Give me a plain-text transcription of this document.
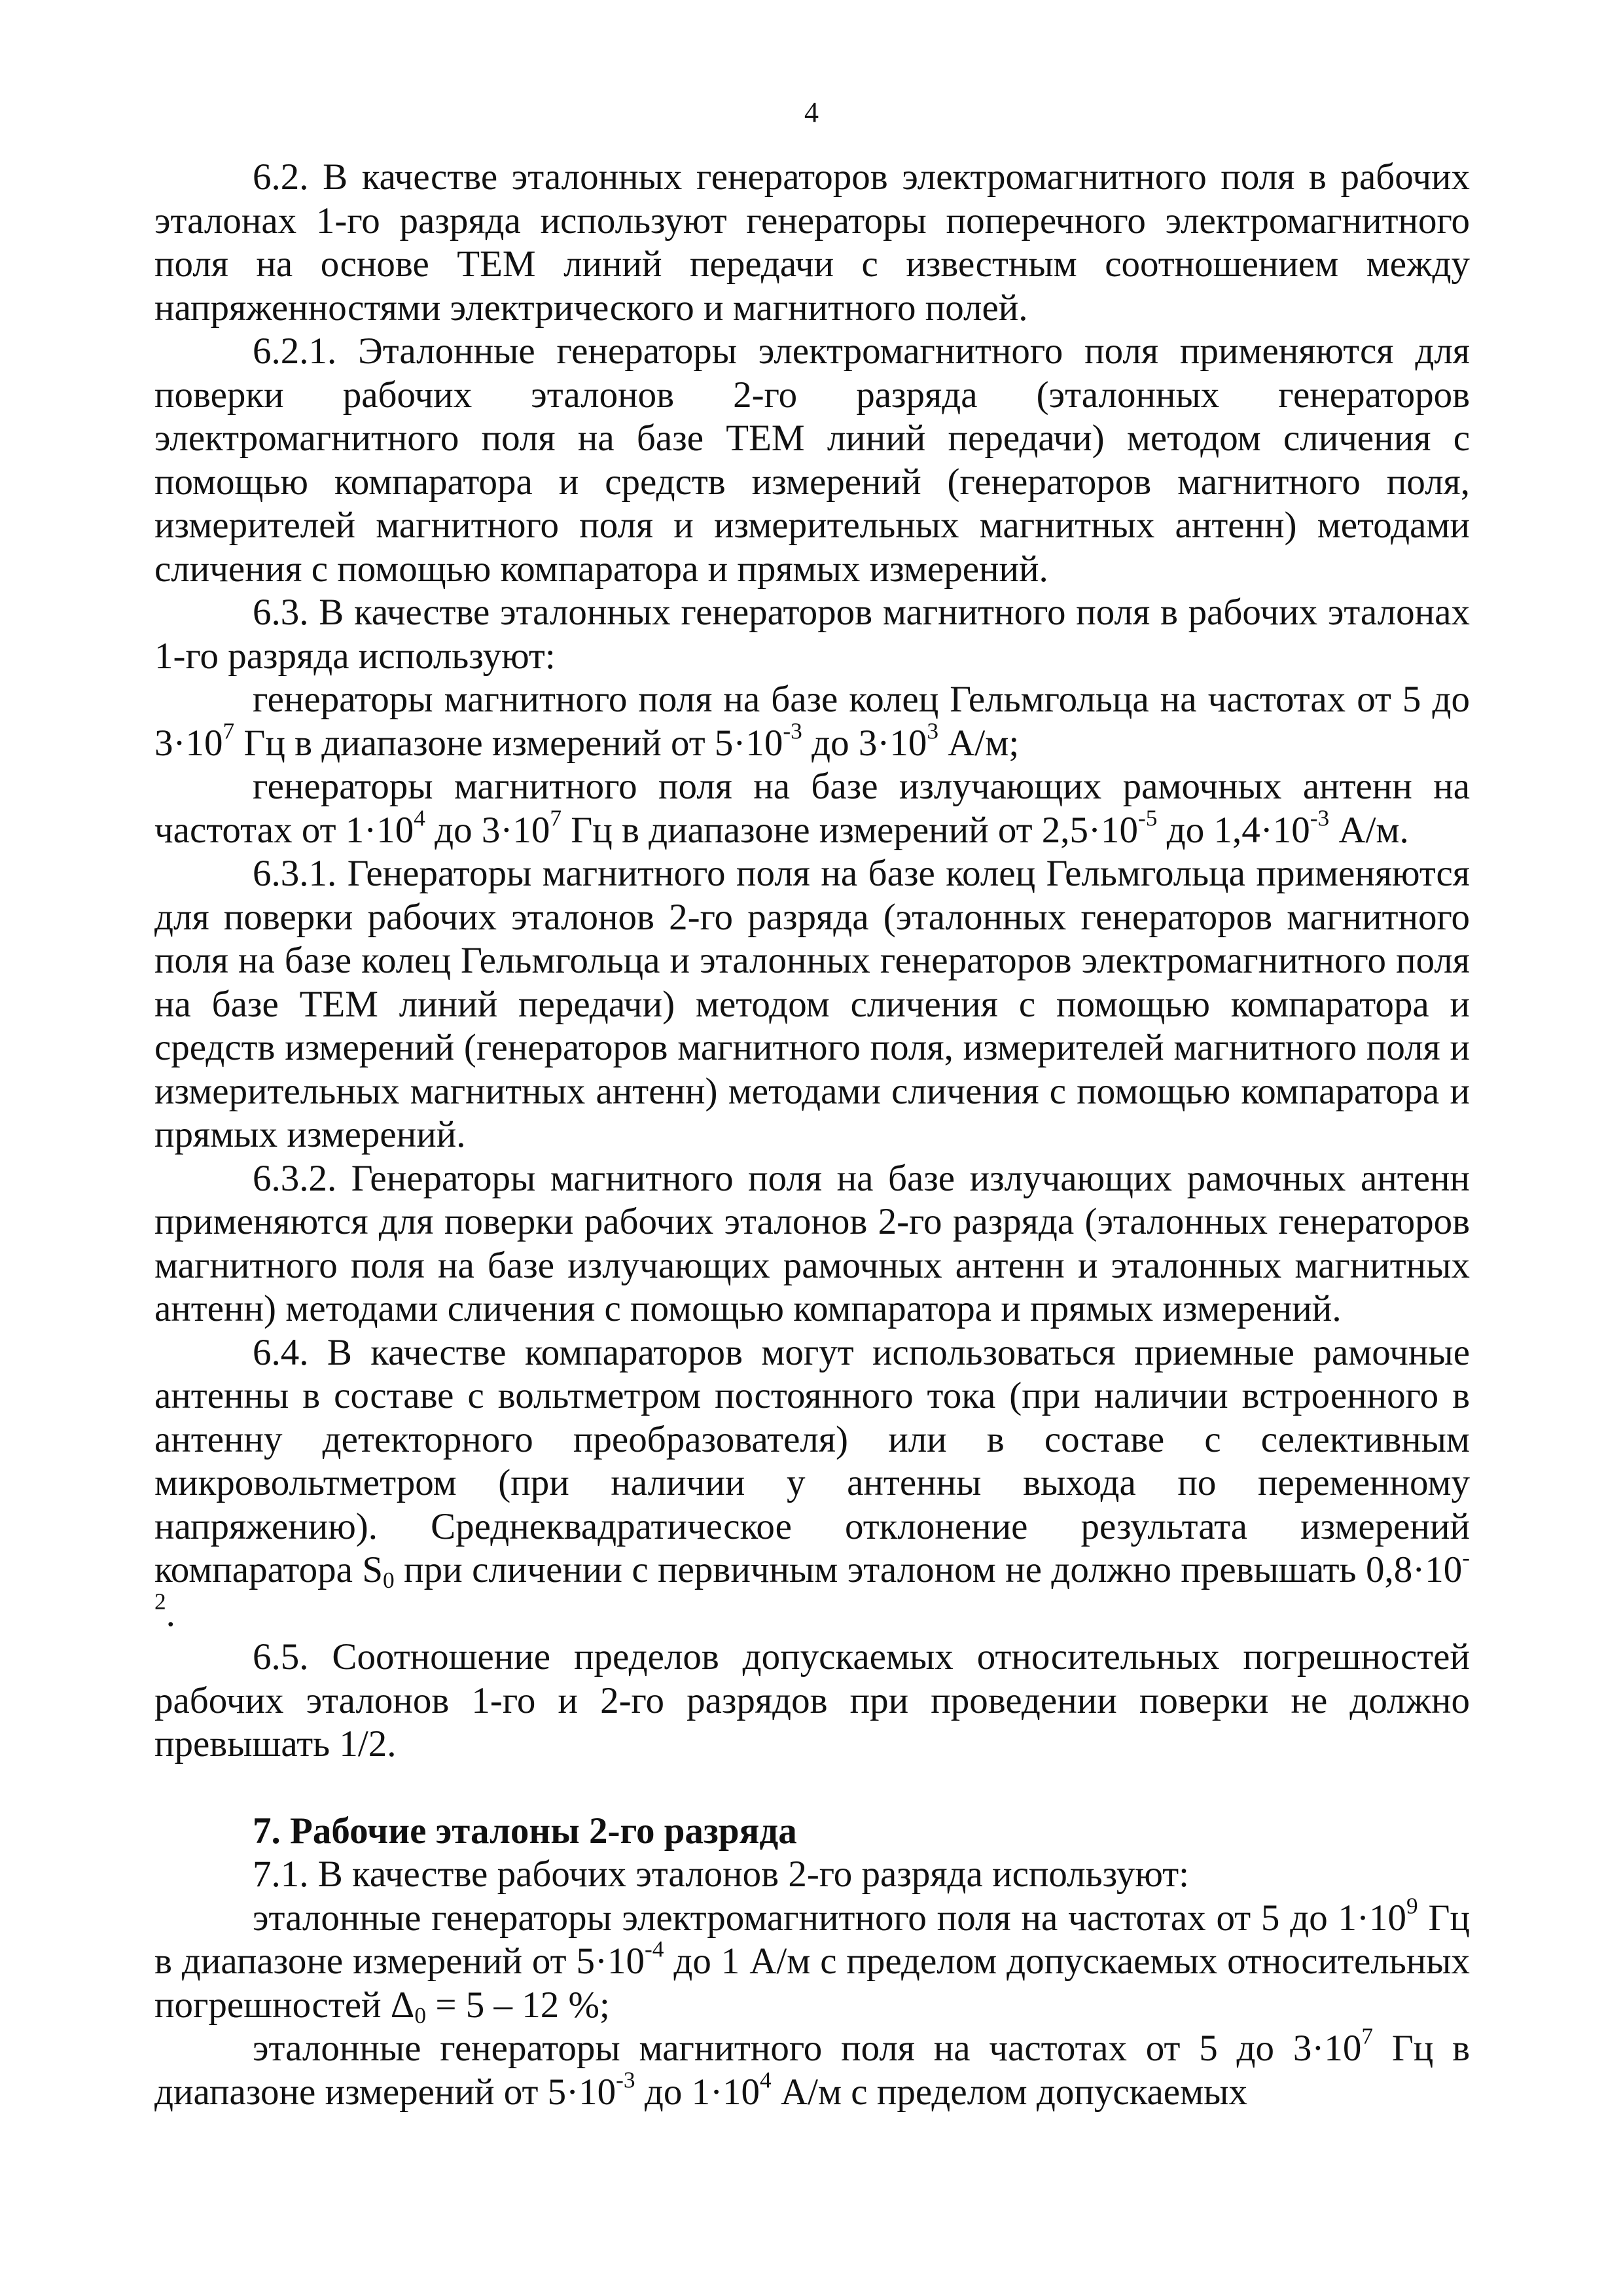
4

6.2. В качестве эталонных генераторов электромагнитного поля в рабочих эталонах 1-го разряда используют генераторы поперечного электромагнитного поля на основе ТЕМ линий передачи с известным соотношением между напряженностями электрического и магнитного полей.

6.2.1. Эталонные генераторы электромагнитного поля применяются для поверки рабочих эталонов 2-го разряда (эталонных генераторов электромагнитного поля на базе ТЕМ линий передачи) методом сличения с помощью компаратора и средств измерений (генераторов магнитного поля, измерителей магнитного поля и измерительных магнитных антенн) методами сличения с помощью компаратора и прямых измерений.

6.3. В качестве эталонных генераторов магнитного поля в рабочих эталонах 1-го разряда используют:

генераторы магнитного поля на базе колец Гельмгольца на частотах от 5 до $3\cdot 10^7$ Гц в диапазоне измерений от $5\cdot 10^{-3}$ до $3\cdot 10^3$ А/м;

генераторы магнитного поля на базе излучающих рамочных антенн на частотах от $1\cdot 10^4$ до $3\cdot 10^7$ Гц в диапазоне измерений от $2,5\cdot 10^{-5}$ до $1,4\cdot 10^{-3}$ А/м.

6.3.1. Генераторы магнитного поля на базе колец Гельмгольца применяются для поверки рабочих эталонов 2-го разряда (эталонных генераторов магнитного поля на базе колец Гельмгольца и эталонных генераторов электромагнитного поля на базе ТЕМ линий передачи) методом сличения с помощью компаратора и средств измерений (генераторов магнитного поля, измерителей магнитного поля и измерительных магнитных антенн) методами сличения с помощью компаратора и прямых измерений.

6.3.2. Генераторы магнитного поля на базе излучающих рамочных антенн применяются для поверки рабочих эталонов 2-го разряда (эталонных генераторов магнитного поля на базе излучающих рамочных антенн и эталонных магнитных антенн) методами сличения с помощью компаратора и прямых измерений.

6.4. В качестве компараторов могут использоваться приемные рамочные антенны в составе с вольтметром постоянного тока (при наличии встроенного в антенну детекторного преобразователя) или в составе с селективным микровольтметром (при наличии у антенны выхода по переменному напряжению). Среднеквадратическое отклонение результата измерений компаратора $S_0$ при сличении с первичным эталоном не должно превышать $0,8\cdot 10^{-2}$.

6.5. Соотношение пределов допускаемых относительных погрешностей рабочих эталонов 1-го и 2-го разрядов при проведении поверки не должно превышать 1/2.

7. Рабочие эталоны 2-го разряда

7.1. В качестве рабочих эталонов 2-го разряда используют:

эталонные генераторы электромагнитного поля на частотах от 5 до $1\cdot 10^9$ Гц в диапазоне измерений от $5\cdot 10^{-4}$ до 1 А/м с пределом допускаемых относительных погрешностей $\Delta_0 = 5 - 12$ %;

эталонные генераторы магнитного поля на частотах от 5 до $3\cdot 10^7$ Гц в диапазоне измерений от $5\cdot 10^{-3}$ до $1\cdot 10^4$ А/м с пределом допускаемых
